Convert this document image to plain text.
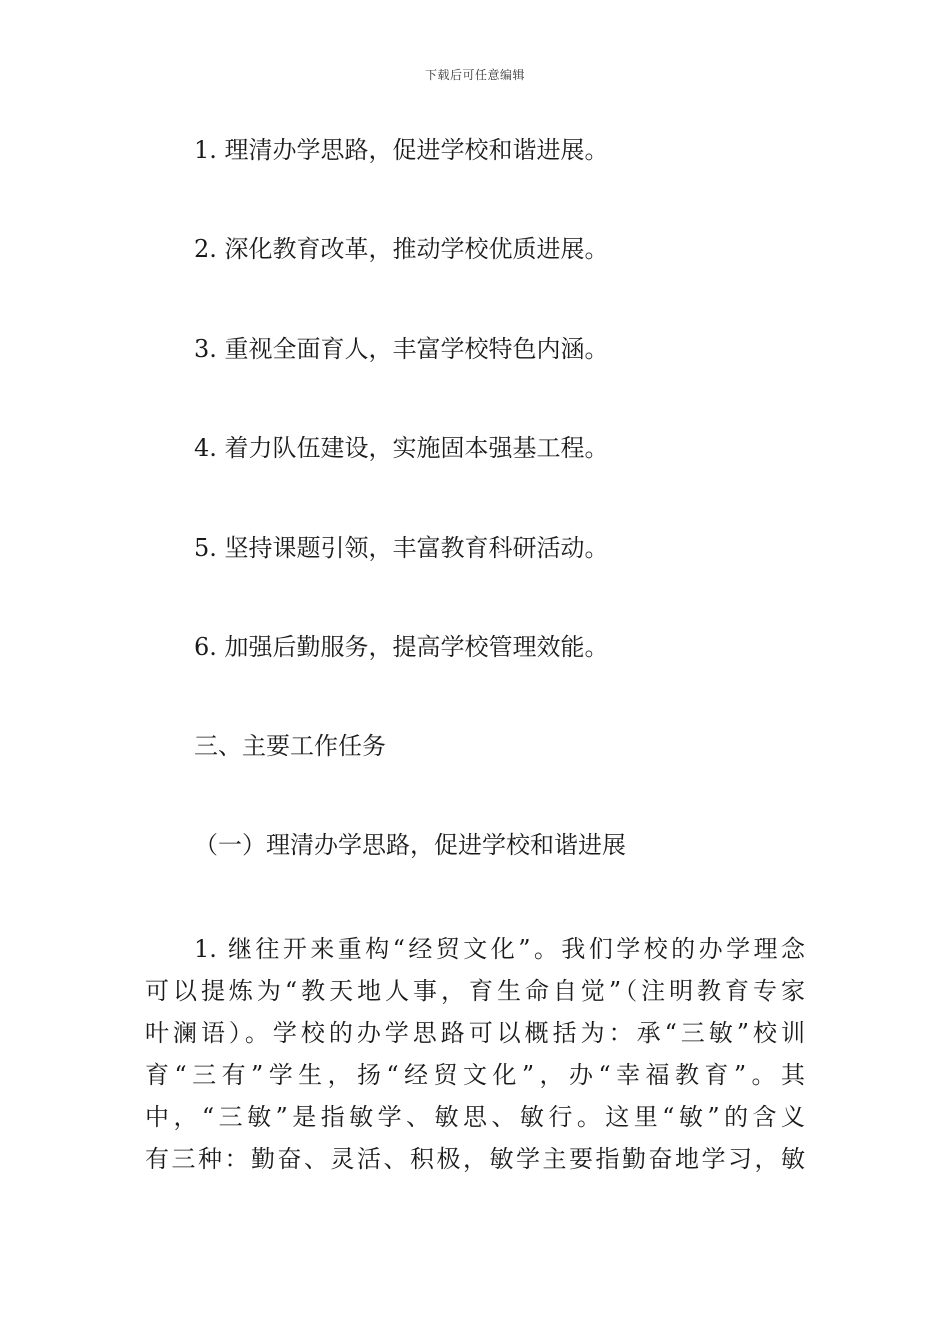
下载后可任意编辑
1. 理清办学思路，促进学校和谐进展。
2. 深化教育改革，推动学校优质进展。
3. 重视全面育人，丰富学校特色内涵。
4. 着力队伍建设，实施固本强基工程。
5. 坚持课题引领，丰富教育科研活动。
6. 加强后勤服务，提高学校管理效能。
三、主要工作任务
（一）理清办学思路，促进学校和谐进展
1. 继往开来重构“经贸文化”。我们学校的办学理念
可以提炼为“教天地人事，育生命自觉”（注明教育专家
叶澜语）。学校的办学思路可以概括为：承“三敏”校训
育“三有”学生，扬“经贸文化”，办“幸福教育”。其
中，“三敏”是指敏学、敏思、敏行。这里“敏”的含义
有三种：勤奋、灵活、积极，敏学主要指勤奋地学习，敏
